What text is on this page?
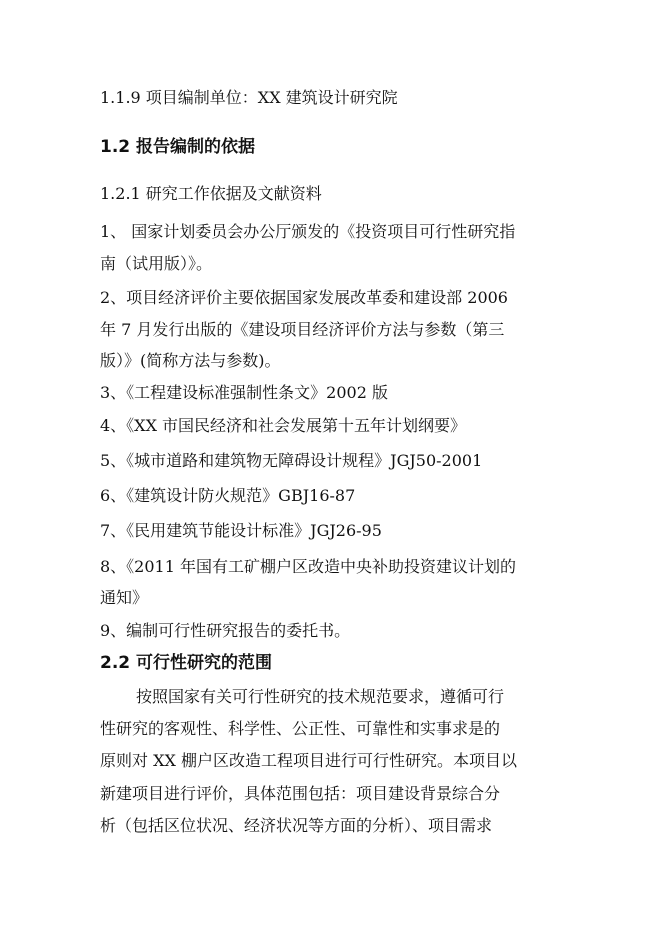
1.1.9 项目编制单位：XX 建筑设计研究院
1.2 报告编制的依据
1.2.1 研究工作依据及文献资料
1、 国家计划委员会办公厅颁发的《投资项目可行性研究指
南（试用版）》。
2、项目经济评价主要依据国家发展改革委和建设部 2006
年 7 月发行出版的《建设项目经济评价方法与参数（第三
版）》(简称方法与参数)。
3、《工程建设标准强制性条文》2002 版
4、《XX 市国民经济和社会发展第十五年计划纲要》
5、《城市道路和建筑物无障碍设计规程》JGJ50-2001
6、《建筑设计防火规范》GBJ16-87
7、《民用建筑节能设计标准》JGJ26-95
8、《2011 年国有工矿棚户区改造中央补助投资建议计划的
通知》
9、编制可行性研究报告的委托书。
2.2 可行性研究的范围
按照国家有关可行性研究的技术规范要求，遵循可行
性研究的客观性、科学性、公正性、可靠性和实事求是的
原则对 XX 棚户区改造工程项目进行可行性研究。本项目以
新建项目进行评价，具体范围包括：项目建设背景综合分
析（包括区位状况、经济状况等方面的分析）、项目需求
